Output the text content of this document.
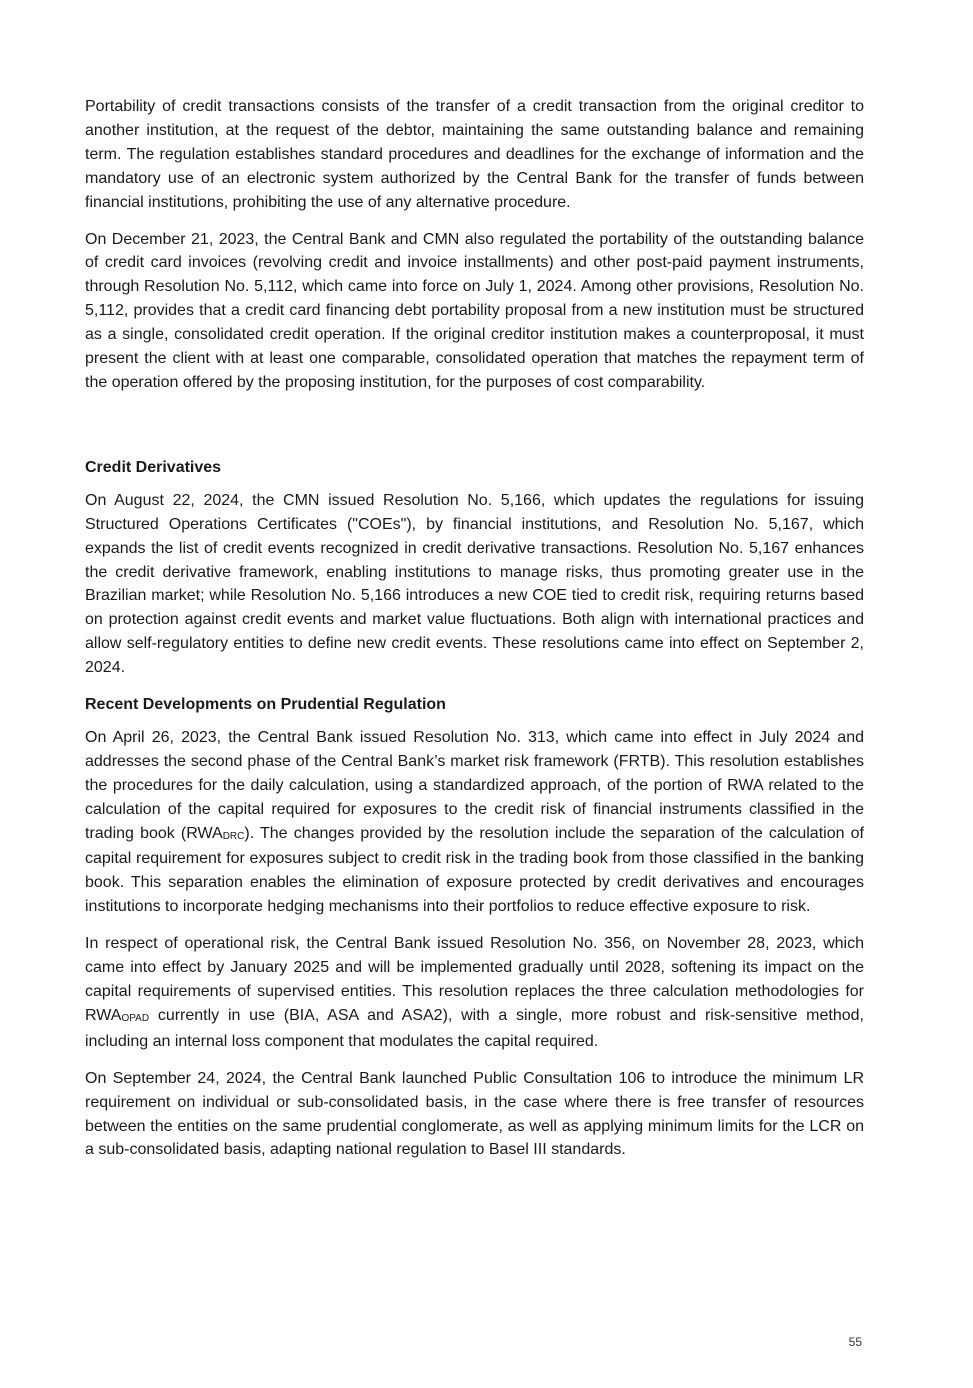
Portability of credit transactions consists of the transfer of a credit transaction from the original creditor to another institution, at the request of the debtor, maintaining the same outstanding balance and remaining term. The regulation establishes standard procedures and deadlines for the exchange of information and the mandatory use of an electronic system authorized by the Central Bank for the transfer of funds between financial institutions, prohibiting the use of any alternative procedure.

On December 21, 2023, the Central Bank and CMN also regulated the portability of the outstanding balance of credit card invoices (revolving credit and invoice installments) and other post-paid payment instruments, through Resolution No. 5,112, which came into force on July 1, 2024. Among other provisions, Resolution No. 5,112, provides that a credit card financing debt portability proposal from a new institution must be structured as a single, consolidated credit operation. If the original creditor institution makes a counterproposal, it must present the client with at least one comparable, consolidated operation that matches the repayment term of the operation offered by the proposing institution, for the purposes of cost comparability.

Credit Derivatives

On August 22, 2024, the CMN issued Resolution No. 5,166, which updates the regulations for issuing Structured Operations Certificates ("COEs"), by financial institutions, and Resolution No. 5,167, which expands the list of credit events recognized in credit derivative transactions. Resolution No. 5,167 enhances the credit derivative framework, enabling institutions to manage risks, thus promoting greater use in the Brazilian market; while Resolution No. 5,166 introduces a new COE tied to credit risk, requiring returns based on protection against credit events and market value fluctuations. Both align with international practices and allow self-regulatory entities to define new credit events. These resolutions came into effect on September 2, 2024.

Recent Developments on Prudential Regulation

On April 26, 2023, the Central Bank issued Resolution No. 313, which came into effect in July 2024 and addresses the second phase of the Central Bank’s market risk framework (FRTB). This resolution establishes the procedures for the daily calculation, using a standardized approach, of the portion of RWA related to the calculation of the capital required for exposures to the credit risk of financial instruments classified in the trading book $(RWA_{DRC})$. The changes provided by the resolution include the separation of the calculation of capital requirement for exposures subject to credit risk in the trading book from those classified in the banking book. This separation enables the elimination of exposure protected by credit derivatives and encourages institutions to incorporate hedging mechanisms into their portfolios to reduce effective exposure to risk.

In respect of operational risk, the Central Bank issued Resolution No. 356, on November 28, 2023, which came into effect by January 2025 and will be implemented gradually until 2028, softening its impact on the capital requirements of supervised entities. This resolution replaces the three calculation methodologies for $RWA_{OPAD}$ currently in use (BIA, ASA and ASA2), with a single, more robust and risk-sensitive method, including an internal loss component that modulates the capital required.

On September 24, 2024, the Central Bank launched Public Consultation 106 to introduce the minimum LR requirement on individual or sub-consolidated basis, in the case where there is free transfer of resources between the entities on the same prudential conglomerate, as well as applying minimum limits for the LCR on a sub-consolidated basis, adapting national regulation to Basel III standards.

55
